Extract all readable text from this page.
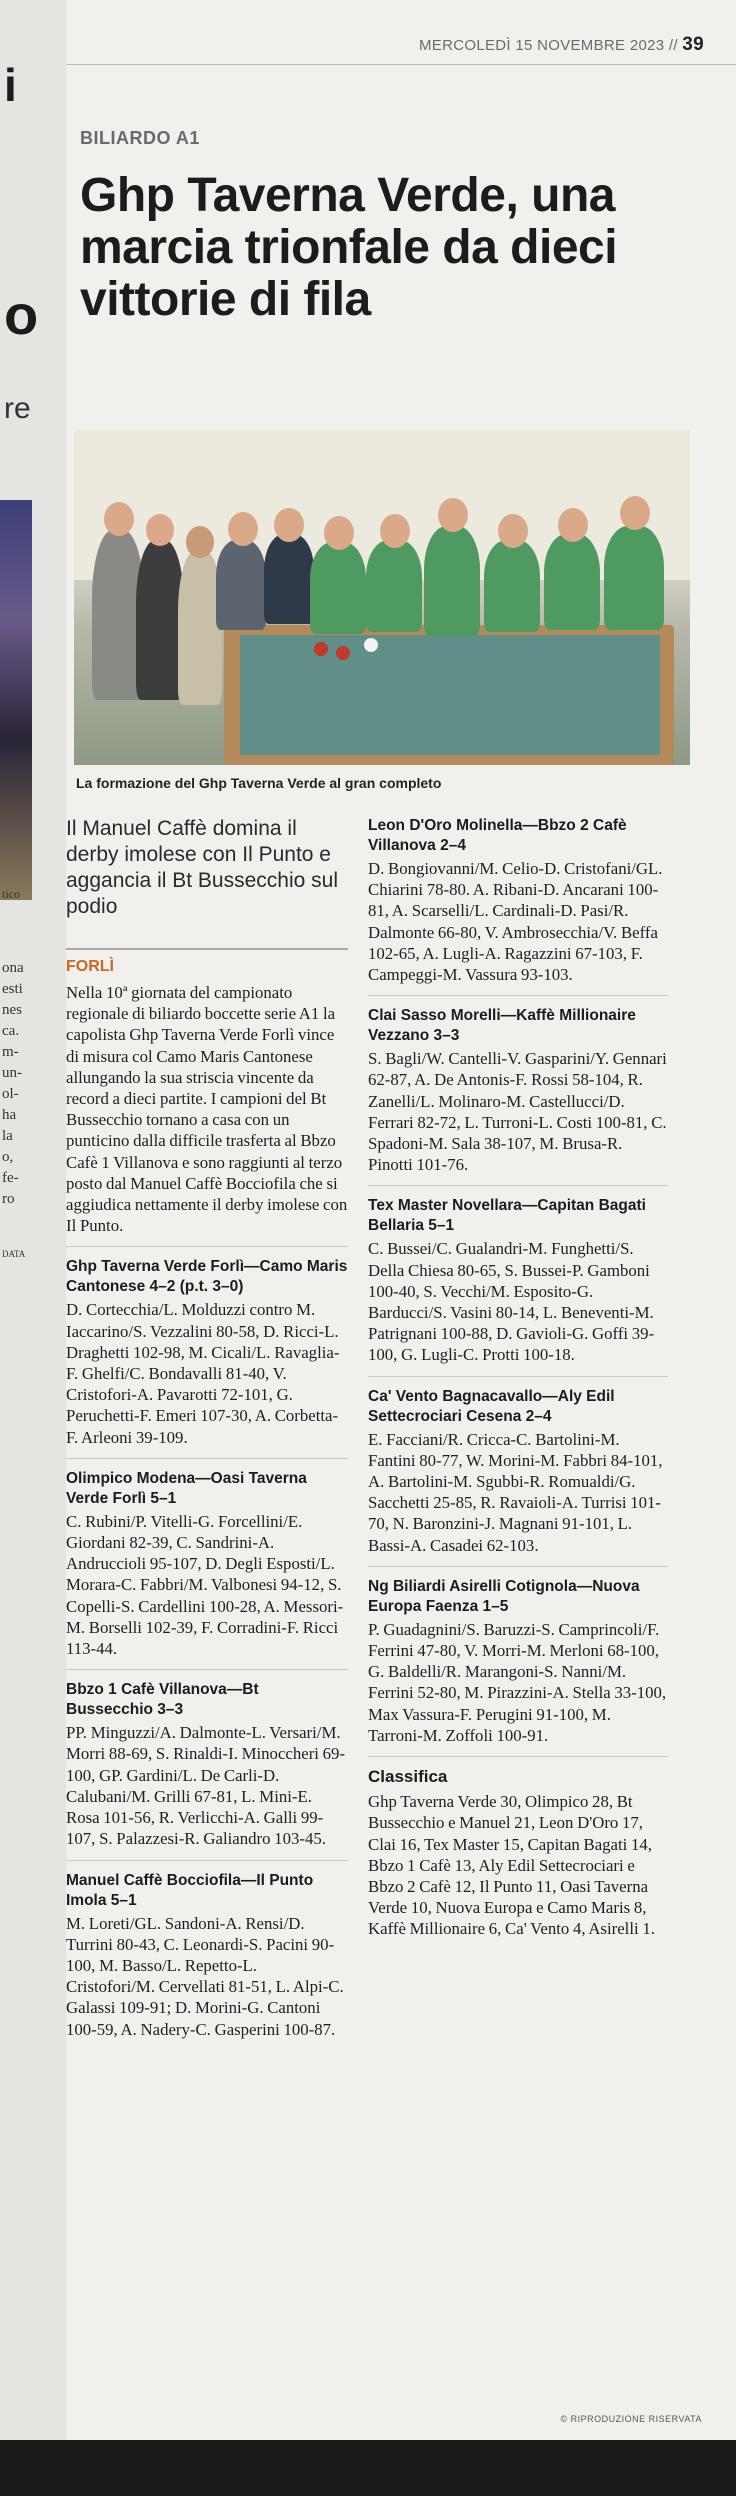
i
o
re
tico
ona
esti
nes
ca.
m-
un-
ol-
ha
la
o,
fe-
ro
DATA
MERCOLEDÌ 15 NOVEMBRE 2023 // 39
BILIARDO A1
Ghp Taverna Verde, una marcia trionfale da dieci vittorie di fila
La formazione del Ghp Taverna Verde al gran completo
Il Manuel Caffè domina il derby imolese con Il Punto e aggancia il Bt Bussecchio sul podio
FORLÌ

Nella 10ª giornata del campionato regionale di biliardo boccette serie A1 la capolista Ghp Taverna Verde Forlì vince di misura col Camo Maris Cantonese allungando la sua striscia vincente da record a dieci partite. I campioni del Bt Bussecchio tornano a casa con un punticino dalla difficile trasferta al Bbzo Cafè 1 Villanova e sono raggiunti al terzo posto dal Manuel Caffè Bocciofila che si aggiudica nettamente il derby imolese con Il Punto.

Ghp Taverna Verde Forlì—Camo Maris Cantonese 4–2 (p.t. 3–0)

D. Cortecchia/L. Molduzzi contro M. Iaccarino/S. Vezzalini 80-58, D. Ricci-L. Draghetti 102-98, M. Cicali/L. Ravaglia-F. Ghelfi/C. Bondavalli 81-40, V. Cristofori-A. Pavarotti 72-101, G. Peruchetti-F. Emeri 107-30, A. Corbetta-F. Arleoni 39-109.

Olimpico Modena—Oasi Taverna Verde Forlì 5–1

C. Rubini/P. Vitelli-G. Forcellini/E. Giordani 82-39, C. Sandrini-A. Andruccioli 95-107, D. Degli Esposti/L. Morara-C. Fabbri/M. Valbonesi 94-12, S. Copelli-S. Cardellini 100-28, A. Messori-M. Borselli 102-39, F. Corradini-F. Ricci 113-44.

Bbzo 1 Cafè Villanova—Bt Bussecchio 3–3

PP. Minguzzi/A. Dalmonte-L. Versari/M. Morri 88-69, S. Rinaldi-I. Minoccheri 69-100, GP. Gardini/L. De Carli-D. Calubani/M. Grilli 67-81, L. Mini-E. Rosa 101-56, R. Verlicchi-A. Galli 99-107, S. Palazzesi-R. Galiandro 103-45.

Manuel Caffè Bocciofila—Il Punto Imola 5–1

M. Loreti/GL. Sandoni-A. Rensi/D. Turrini 80-43, C. Leonardi-S. Pacini 90-100, M. Basso/L. Repetto-L. Cristofori/M. Cervellati 81-51, L. Alpi-C. Galassi 109-91; D. Morini-G. Cantoni 100-59, A. Nadery-C. Gasperini 100-87.

Leon D'Oro Molinella—Bbzo 2 Cafè Villanova 2–4

D. Bongiovanni/M. Celio-D. Cristofani/GL. Chiarini 78-80. A. Ribani-D. Ancarani 100-81, A. Scarselli/L. Cardinali-D. Pasi/R. Dalmonte 66-80, V. Ambrosecchia/V. Beffa 102-65, A. Lugli-A. Ragazzini 67-103, F. Campeggi-M. Vassura 93-103.

Clai Sasso Morelli—Kaffè Millionaire Vezzano 3–3

S. Bagli/W. Cantelli-V. Gasparini/Y. Gennari 62-87, A. De Antonis-F. Rossi 58-104, R. Zanelli/L. Molinaro-M. Castellucci/D. Ferrari 82-72, L. Turroni-L. Costi 100-81, C. Spadoni-M. Sala 38-107, M. Brusa-R. Pinotti 101-76.

Tex Master Novellara—Capitan Bagati Bellaria 5–1

C. Bussei/C. Gualandri-M. Funghetti/S. Della Chiesa 80-65, S. Bussei-P. Gamboni 100-40, S. Vecchi/M. Esposito-G. Barducci/S. Vasini 80-14, L. Beneventi-M. Patrignani 100-88, D. Gavioli-G. Goffi 39-100, G. Lugli-C. Protti 100-18.

Ca' Vento Bagnacavallo—Aly Edil Settecrociari Cesena 2–4

E. Facciani/R. Cricca-C. Bartolini-M. Fantini 80-77, W. Morini-M. Fabbri 84-101, A. Bartolini-M. Sgubbi-R. Romualdi/G. Sacchetti 25-85, R. Ravaioli-A. Turrisi 101-70, N. Baronzini-J. Magnani 91-101, L. Bassi-A. Casadei 62-103.

Ng Biliardi Asirelli Cotignola—Nuova Europa Faenza 1–5

P. Guadagnini/S. Baruzzi-S. Camprincoli/F. Ferrini 47-80, V. Morri-M. Merloni 68-100, G. Baldelli/R. Marangoni-S. Nanni/M. Ferrini 52-80, M. Pirazzini-A. Stella 33-100, Max Vassura-F. Perugini 91-100, M. Tarroni-M. Zoffoli 100-91.

Classifica

Ghp Taverna Verde 30, Olimpico 28, Bt Bussecchio e Manuel 21, Leon D'Oro 17, Clai 16, Tex Master 15, Capitan Bagati 14, Bbzo 1 Cafè 13, Aly Edil Settecrociari e Bbzo 2 Cafè 12, Il Punto 11, Oasi Taverna Verde 10, Nuova Europa e Camo Maris 8, Kaffè Millionaire 6, Ca' Vento 4, Asirelli 1.

© RIPRODUZIONE RISERVATA
